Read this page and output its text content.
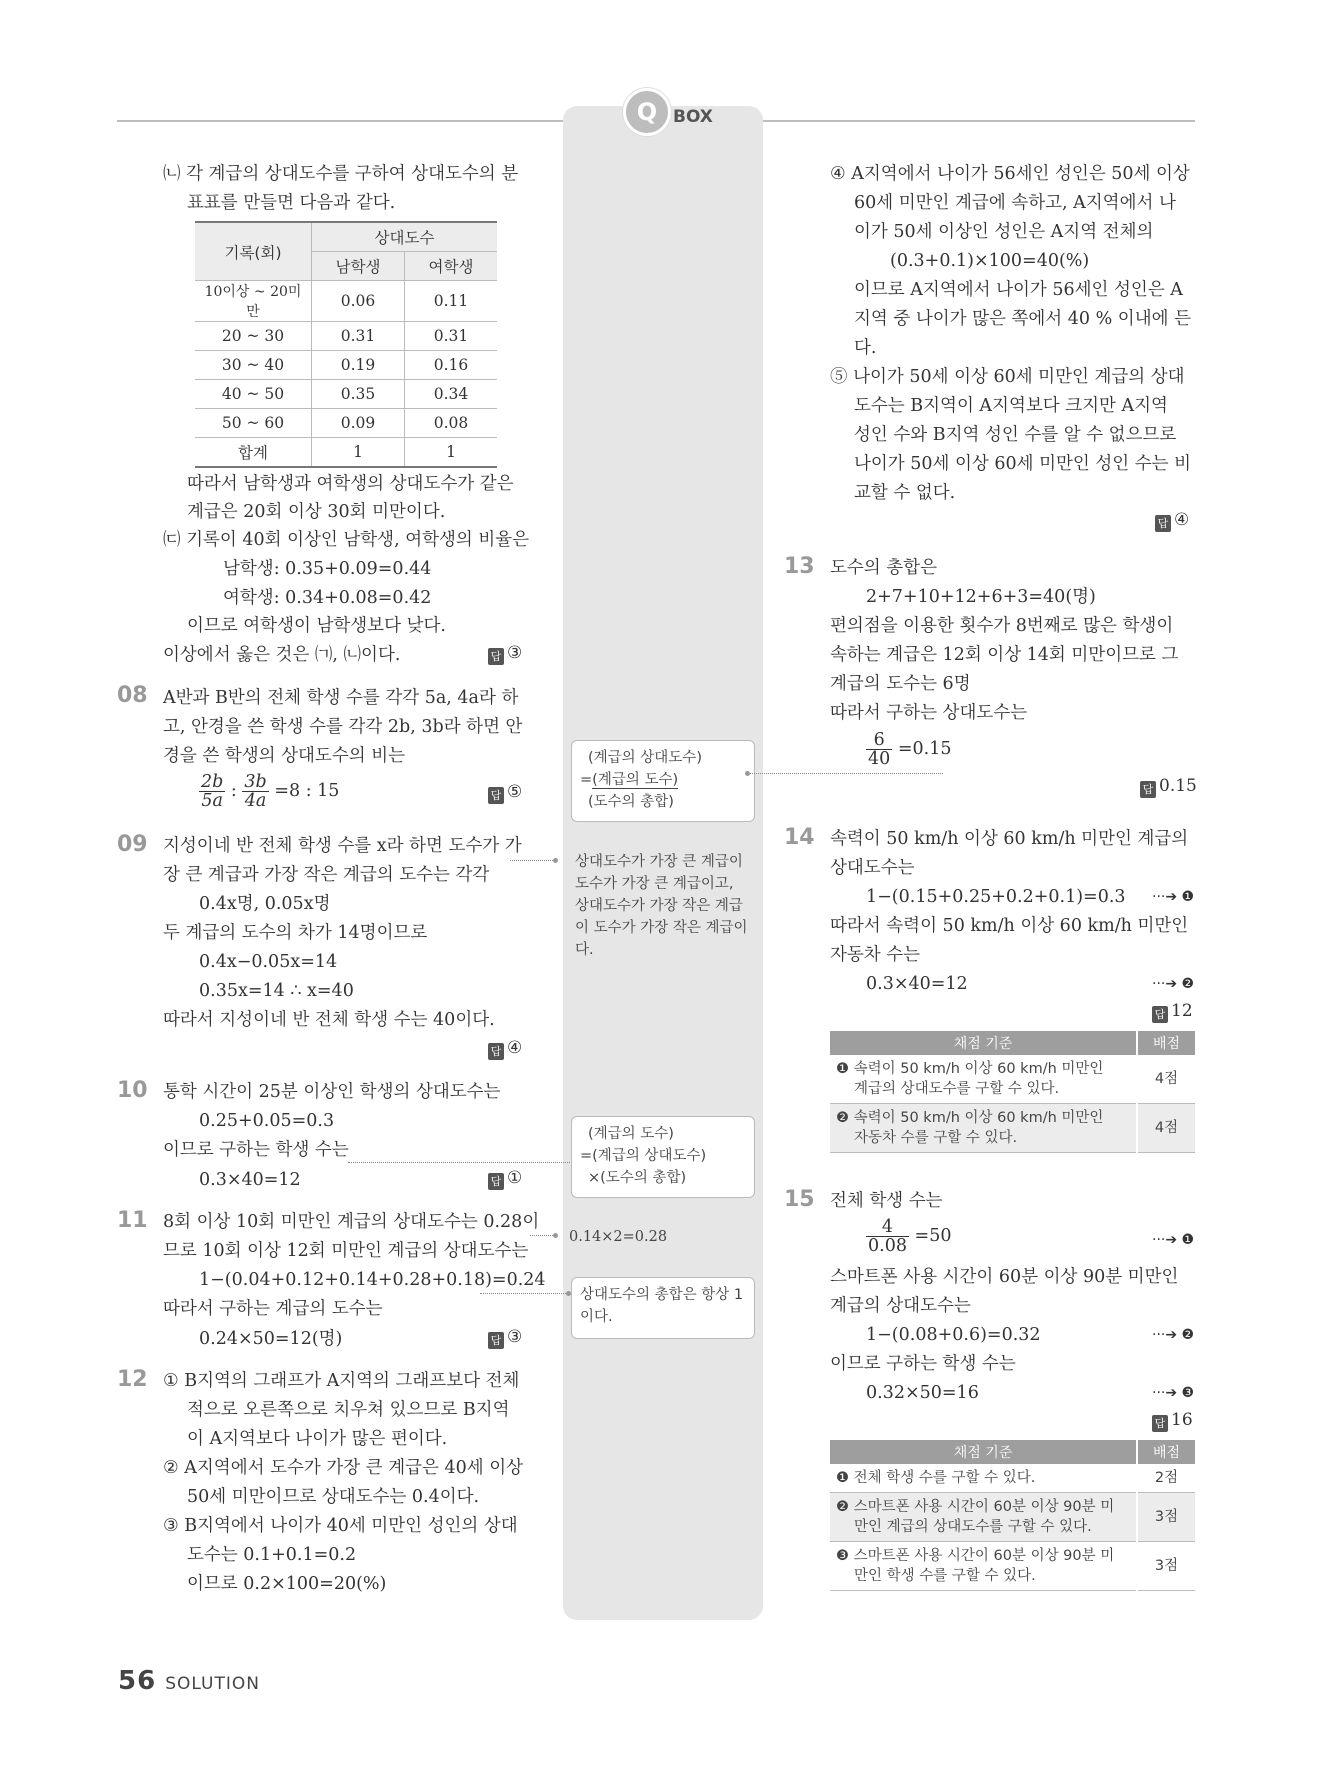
Q BOX
㈁ 각 계급의 상대도수를 구하여 상대도수의 분
표표를 만들면 다음과 같다.
기록(회)	상대도수	
	남학생	여학생
10이상 ~ 20미만	0.06	0.11
20 ~ 30	0.31	0.31
30 ~ 40	0.19	0.16
40 ~ 50	0.35	0.34
50 ~ 60	0.09	0.08
합계	1	1
따라서 남학생과 여학생의 상대도수가 같은
계급은 20회 이상 30회 미만이다.
㈂ 기록이 40회 이상인 남학생, 여학생의 비율은
남학생: 0.35+0.09=0.44
여학생: 0.34+0.08=0.42
이므로 여학생이 남학생보다 낮다.
이상에서 옳은 것은 ㈀, ㈁이다.	답 ③
08 A반과 B반의 전체 학생 수를 각각 5a, 4a라 하
고, 안경을 쓴 학생 수를 각각 2b, 3b라 하면 안
경을 쓴 학생의 상대도수의 비는
$\frac{2b}{5a}$ : $\frac{3b}{4a} =8$ : 15	답 ⑤
09 지성이네 반 전체 학생 수를 x라 하면 도수가 가
장 큰 계급과 가장 작은 계급의 도수는 각각
0.4x명, 0.05x명
두 계급의 도수의 차가 14명이므로
0.4x−0.05x=14
0.35x=14 ∴ x=40
따라서 지성이네 반 전체 학생 수는 40이다.
답 ④
10 통학 시간이 25분 이상인 학생의 상대도수는
0.25+0.05=0.3
이므로 구하는 학생 수는
0.3×40=12	답 ①
11 8회 이상 10회 미만인 계급의 상대도수는 0.28이
므로 10회 이상 12회 미만인 계급의 상대도수는
1−(0.04+0.12+0.14+0.28+0.18)=0.24
따라서 구하는 계급의 도수는
0.24×50=12(명)	답 ③
12 ① B지역의 그래프가 A지역의 그래프보다 전체
적으로 오른쪽으로 치우쳐 있으므로 B지역
이 A지역보다 나이가 많은 편이다.
② A지역에서 도수가 가장 큰 계급은 40세 이상
50세 미만이므로 상대도수는 0.4이다.
③ B지역에서 나이가 40세 미만인 성인의 상대
도수는 0.1+0.1=0.2
이므로 0.2×100=20(%)
(계급의 상대도수)
=(계급의 도수)
(도수의 총합)
상대도수가 가장 큰 계급이
도수가 가장 큰 계급이고,
상대도수가 가장 작은 계급
이 도수가 가장 작은 계급이
다.
(계급의 도수)
=(계급의 상대도수)
×(도수의 총합)
0.14×2=0.28
상대도수의 총합은 항상 1
이다.
④ A지역에서 나이가 56세인 성인은 50세 이상
60세 미만인 계급에 속하고, A지역에서 나
이가 50세 이상인 성인은 A지역 전체의
(0.3+0.1)×100=40(%)
이므로 A지역에서 나이가 56세인 성인은 A
지역 중 나이가 많은 쪽에서 40 % 이내에 든
다.
⑤ 나이가 50세 이상 60세 미만인 계급의 상대
도수는 B지역이 A지역보다 크지만 A지역
성인 수와 B지역 성인 수를 알 수 없으므로
나이가 50세 이상 60세 미만인 성인 수는 비
교할 수 없다.
답 ④
13 도수의 총합은
2+7+10+12+6+3=40(명)
편의점을 이용한 횟수가 8번째로 많은 학생이
속하는 계급은 12회 이상 14회 미만이므로 그
계급의 도수는 6명
따라서 구하는 상대도수는
$\frac{6}{40} =0.15$
답 0.15
14 속력이 50 km/h 이상 60 km/h 미만인 계급의
상대도수는
1−(0.15+0.25+0.2+0.1)=0.3 ···➔ ❶
따라서 속력이 50 km/h 이상 60 km/h 미만인
자동차 수는
0.3×40=12	···➔ ❷
답 12
채점 기준	배점

❶ 속력이 50 km/h 이상 60 km/h 미만인
계급의 상대도수를 구할 수 있다.	4점

❷ 속력이 50 km/h 이상 60 km/h 미만인
자동차 수를 구할 수 있다.	4점
15 전체 학생 수는
$\frac{4}{0.08} =50$	···➔ ❶
스마트폰 사용 시간이 60분 이상 90분 미만인
계급의 상대도수는
1−(0.08+0.6)=0.32	···➔ ❷
이므로 구하는 학생 수는
0.32×50=16	···➔ ❸
답 16
채점 기준	배점
❶ 전체 학생 수를 구할 수 있다.	2점

❷ 스마트폰 사용 시간이 60분 이상 90분 미
만인 계급의 상대도수를 구할 수 있다.	3점

❸ 스마트폰 사용 시간이 60분 이상 90분 미
만인 학생 수를 구할 수 있다.	3점
56 SOLUTION
